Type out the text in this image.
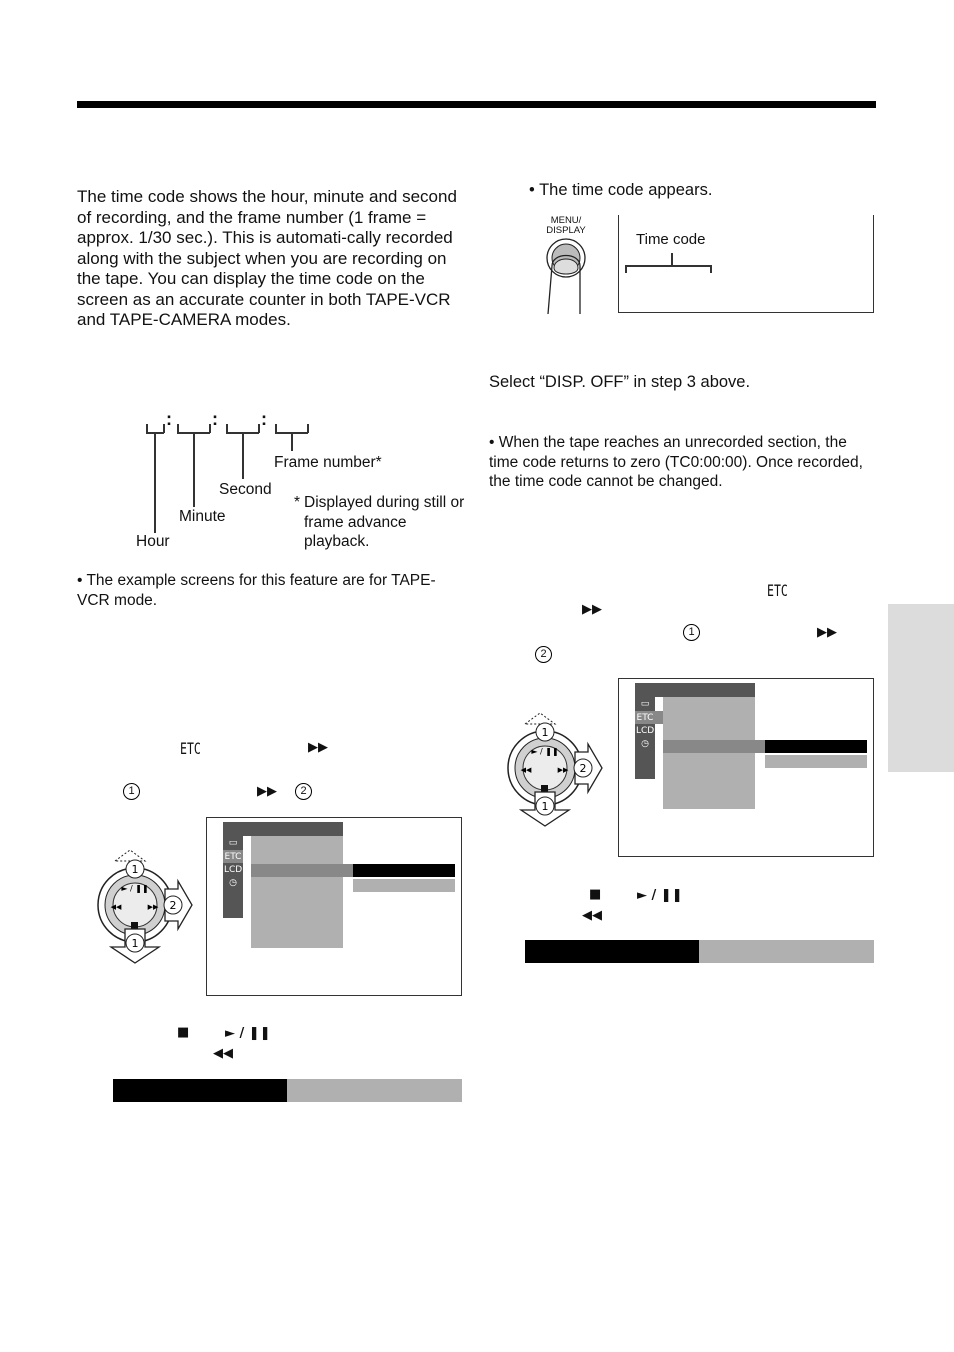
The time code shows the hour, minute and second of recording, and the frame number (1 frame = approx. 1/30 sec.). This is automati-cally recorded along with the subject when you are recording on the tape. You can display the time code on the screen as an accurate counter in both TAPE-VCR and TAPE-CAMERA modes.
: : :
Frame number*
Second
Minute
Hour
* Displayed during still or frame advance playback.
• The example screens for this feature are for TAPE-VCR mode.
ETC	▶▶
1	▶▶	2
► / ❚❚
◀◀	▶▶ 2
1
1
▭
ETC
LCD
◷
■	► / ❚❚
◀◀
• The time code appears.
MENU/ DISPLAY
Time code
Select “DISP. OFF” in step 3 above.
• When the tape reaches an unrecorded section, the time code returns to zero (TC0:00:00). Once recorded, the time code cannot be changed.
ETC
▶▶
1	▶▶
2
► / ❚❚
◀◀	▶▶ 2
1
1
▭
ETC
LCD
◷
■	► / ❚❚
◀◀
